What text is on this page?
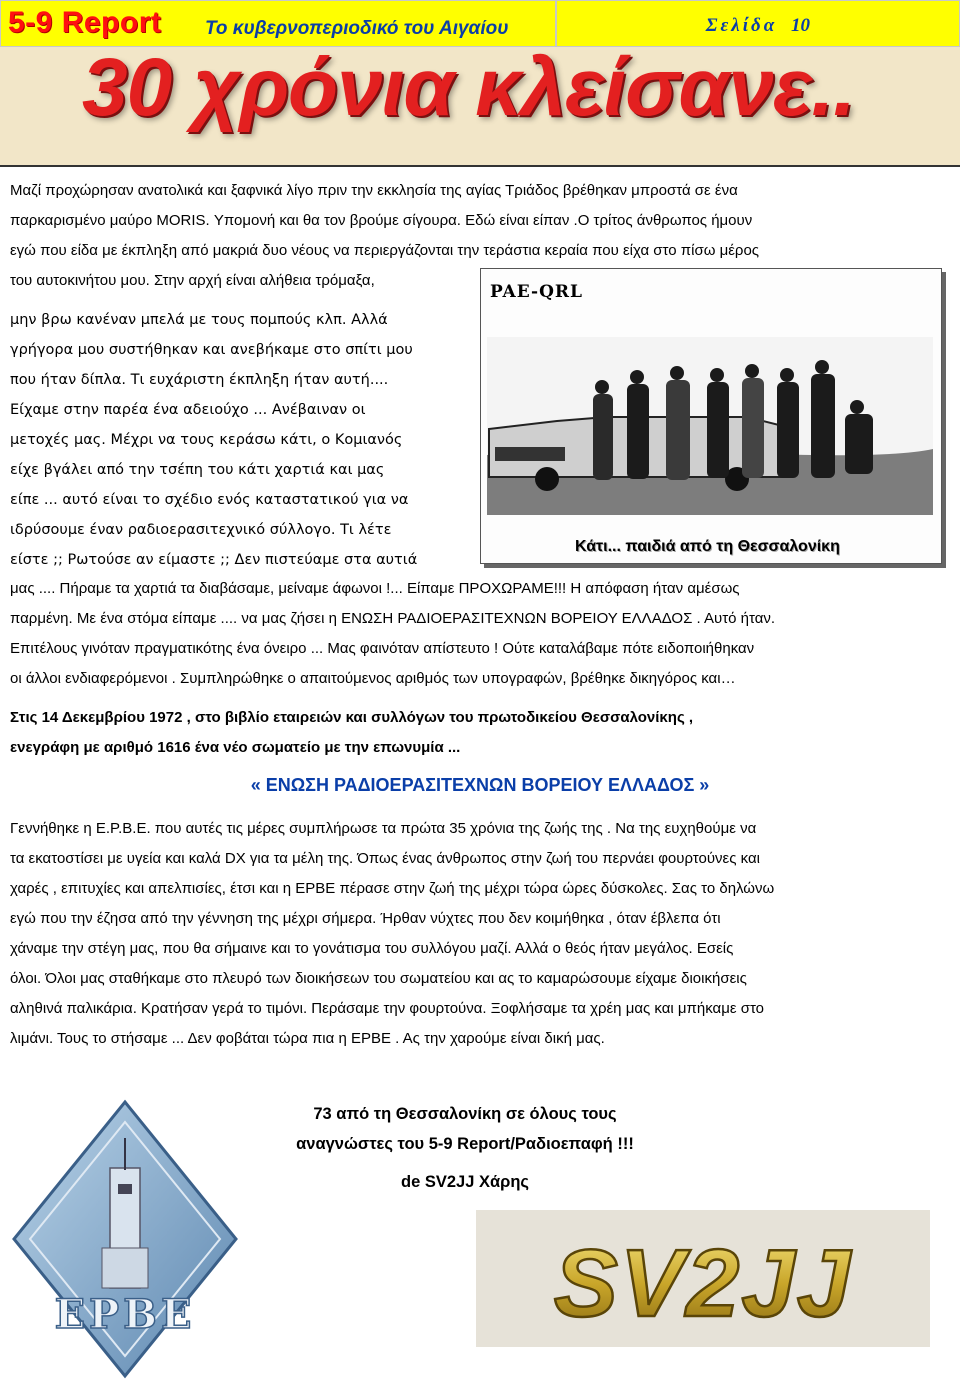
5-9 Report Το κυβερνοπεριοδικό του Αιγαίου	Σελίδα 10
30 χρόνια κλείσανε..
Μαζί προχώρησαν ανατολικά και ξαφνικά λίγο πριν την εκκλησία της αγίας Τριάδος βρέθηκαν μπροστά σε ένα
παρκαρισμένο μαύρο MORIS. Υπομονή και θα τον βρούμε σίγουρα. Εδώ είναι είπαν .Ο τρίτος άνθρωπος ήμουν
εγώ που είδα με έκπληξη από μακριά δυο νέους να περιεργάζονται την τεράστια κεραία που είχα στο πίσω μέρος
του αυτοκινήτου μου. Στην αρχή είναι αλήθεια τρόμαξα,
μην βρω κανέναν μπελά με τους πομπούς κλπ. Αλλά
γρήγορα μου συστήθηκαν και ανεβήκαμε στο σπίτι μου
που ήταν δίπλα. Τι ευχάριστη έκπληξη ήταν αυτή....
Είχαμε στην παρέα ένα αδειούχο ... Ανέβαιναν οι
μετοχές μας. Μέχρι να τους κεράσω κάτι, ο Κομιανός
είχε βγάλει από την τσέπη του κάτι χαρτιά και μας
είπε ... αυτό είναι το σχέδιο ενός καταστατικού για να
ιδρύσουμε έναν ραδιοερασιτεχνικό σύλλογο. Τι λέτε
είστε ;; Ρωτούσε αν είμαστε ;; Δεν πιστεύαμε στα αυτιά
PAE-QRL
Κάτι... παιδιά από τη Θεσσαλονίκη
μας .... Πήραμε τα χαρτιά τα διαβάσαμε, μείναμε άφωνοι !... Είπαμε ΠΡΟΧΩΡΑΜΕ!!! Η απόφαση ήταν αμέσως
παρμένη. Με ένα στόμα είπαμε .... να μας ζήσει η ΕΝΩΣΗ ΡΑΔΙΟΕΡΑΣΙΤΕΧΝΩΝ ΒΟΡΕΙΟΥ ΕΛΛΑΔΟΣ . Αυτό ήταν.
Επιτέλους γινόταν πραγματικότης ένα όνειρο ... Μας φαινόταν απίστευτο ! Ούτε καταλάβαμε πότε ειδοποιήθηκαν
οι άλλοι ενδιαφερόμενοι . Συμπληρώθηκε ο απαιτούμενος αριθμός των υπογραφών, βρέθηκε δικηγόρος και…
Στις 14 Δεκεμβρίου 1972 , στο βιβλίο εταιρειών και συλλόγων του πρωτοδικείου Θεσσαλονίκης ,
ενεγράφη με αριθμό 1616 ένα νέο σωματείο με την επωνυμία ...
« ΕΝΩΣΗ ΡΑΔΙΟΕΡΑΣΙΤΕΧΝΩΝ ΒΟΡΕΙΟΥ ΕΛΛΑΔΟΣ »
Γεννήθηκε η Ε.Ρ.Β.Ε. που αυτές τις μέρες συμπλήρωσε τα πρώτα 35 χρόνια της ζωής της . Να της ευχηθούμε να
τα εκατοστίσει με υγεία και καλά DX για τα μέλη της. Όπως ένας άνθρωπος στην ζωή του περνάει φουρτούνες και
χαρές , επιτυχίες και απελπισίες, έτσι και η ΕΡΒΕ πέρασε στην ζωή της μέχρι τώρα ώρες δύσκολες. Σας το δηλώνω
εγώ που την έζησα από την γέννηση της μέχρι σήμερα. Ήρθαν νύχτες που δεν κοιμήθηκα , όταν έβλεπα ότι
χάναμε την στέγη μας, που θα σήμαινε και το γονάτισμα του συλλόγου μαζί. Αλλά ο θεός ήταν μεγάλος. Εσείς
όλοι. Όλοι μας σταθήκαμε στο πλευρό των διοικήσεων του σωματείου και ας το καμαρώσουμε είχαμε διοικήσεις
αληθινά παλικάρια. Κρατήσαν γερά το τιμόνι. Περάσαμε την φουρτούνα. Ξοφλήσαμε τα χρέη μας και μπήκαμε στο
λιμάνι. Τους το στήσαμε ... Δεν φοβάται τώρα πια η ΕΡΒΕ . Ας την χαρούμε είναι δική μας.
ΕΡΒΕ
73 από τη Θεσσαλονίκη σε όλους τους
αναγνώστες του 5-9 Report/Ραδιοεπαφή !!!
de SV2JJ Χάρης
SV2JJ
